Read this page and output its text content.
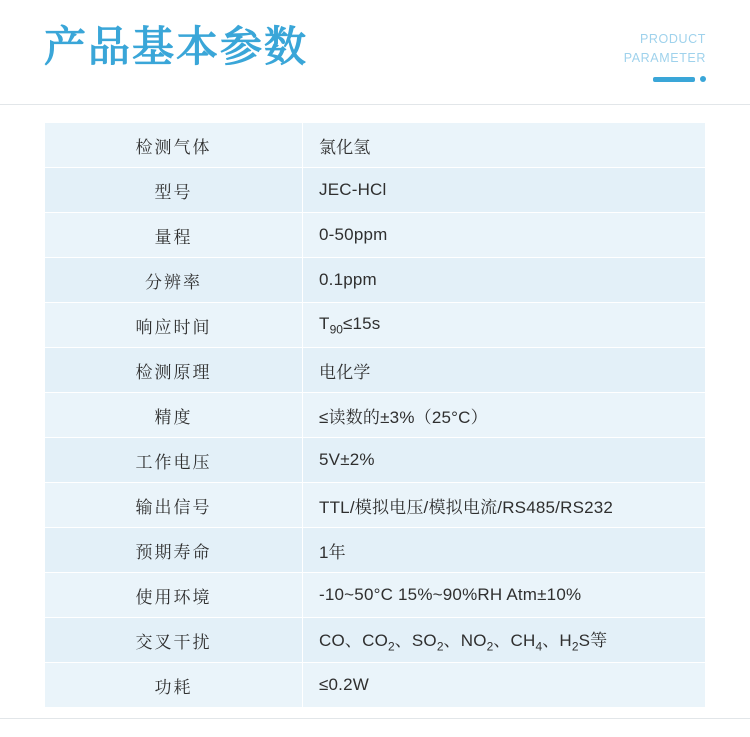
产品基本参数	PRODUCT
PARAMETER
检测气体	氯化氢
型号	JEC-HCl
量程	0-50ppm
分辨率	0.1ppm
响应时间	$T_{90}\le 15s$
检测原理	电化学
精度	≤读数的±3%（25°C）
工作电压	5V±2%
输出信号	TTL/模拟电压/模拟电流/RS485/RS232
预期寿命	1年
使用环境	-10~50°C 15%~90%RH Atm±10%
交叉干扰	CO、$CO_2$、$SO_2$、$NO_2$、$CH_4$、$H_2S$等
功耗	≤0.2W
